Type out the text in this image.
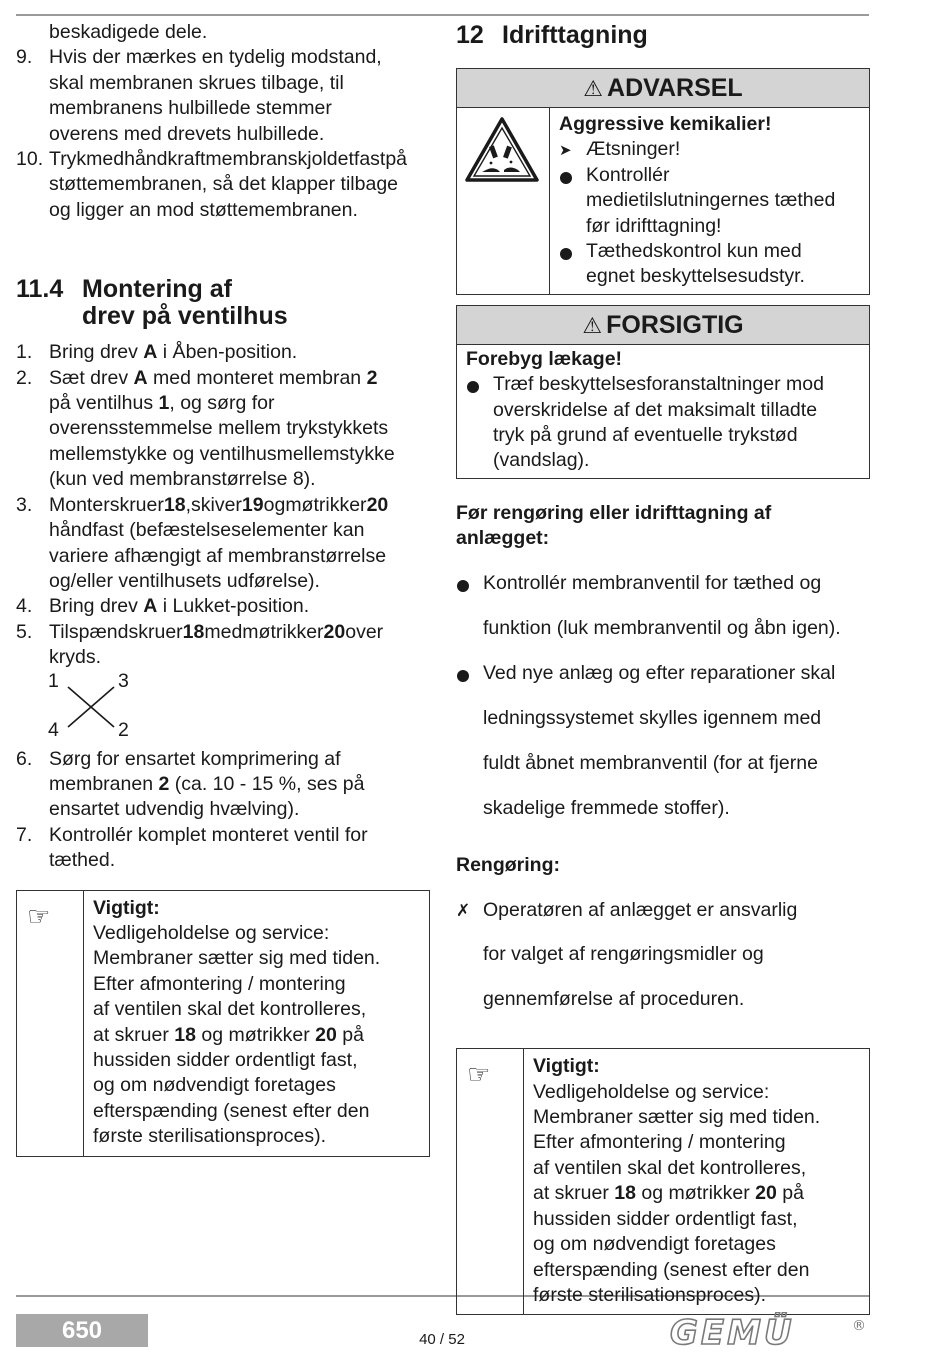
beskadigede dele.

9. Hvis der mærkes en tydelig modstand,

skal membranen skrues tilbage, til

membranens hulbillede stemmer

overens med drevets hulbillede.

10. Trykmedhåndkraftmembranskjoldetfastpå

støttemembranen, så det klapper tilbage

og ligger an mod støttemembranen.

11.4 Montering af

drev på ventilhus

1. Bring drev A i Åben-position.

2. Sæt drev A med monteret membran 2

på ventilhus 1, og sørg for

overensstemmelse mellem trykstykkets

mellemstykke og ventilhusmellemstykke

(kun ved membranstørrelse 8).

3. Monterskruer18,skiver19ogmøtrikker20

håndfast (befæstelseselementer kan

variere afhængigt af membranstørrelse

og/eller ventilhusets udførelse).

4. Bring drev A i Lukket-position.

5. Tilspændskruer18medmøtrikker20over

kryds.

1	3
4	2
6. Sørg for ensartet komprimering af

membranen 2 (ca. 10 - 15 %, ses på

ensartet udvendig hvælving).

7. Kontrollér komplet monteret ventil for

tæthed.

☞ Vigtigt:

Vedligeholdelse og service:

Membraner sætter sig med tiden.

Efter afmontering / montering

af ventilen skal det kontrolleres,

at skruer 18 og møtrikker 20 på

hussiden sidder ordentligt fast,

og om nødvendigt foretages

efterspænding (senest efter den

første sterilisationsproces).

12 Idrifttagning
⚠ ADVARSEL

Aggressive kemikalier!

➤ Ætsninger!

Kontrollér

medietilslutningernes tæthed

før idrifttagning!

Tæthedskontrol kun med

egnet beskyttelsesudstyr.

⚠ FORSIGTIG

Forebyg lækage!

Træf beskyttelsesforanstaltninger mod

overskridelse af det maksimalt tilladte

tryk på grund af eventuelle trykstød

(vandslag).

Før rengøring eller idrifttagning af

anlægget:

Kontrollér membranventil for tæthed og

funktion (luk membranventil og åbn igen).

Ved nye anlæg og efter reparationer skal

ledningssystemet skylles igennem med

fuldt åbnet membranventil (for at fjerne

skadelige fremmede stoffer).

Rengøring:

✗ Operatøren af anlægget er ansvarlig

for valget af rengøringsmidler og

gennemførelse af proceduren.

☞ Vigtigt:

Vedligeholdelse og service:

Membraner sætter sig med tiden.

Efter afmontering / montering

af ventilen skal det kontrolleres,

at skruer 18 og møtrikker 20 på

hussiden sidder ordentligt fast,

og om nødvendigt foretages

efterspænding (senest efter den

første sterilisationsproces).

650	40 / 52	GEMÜ	®
